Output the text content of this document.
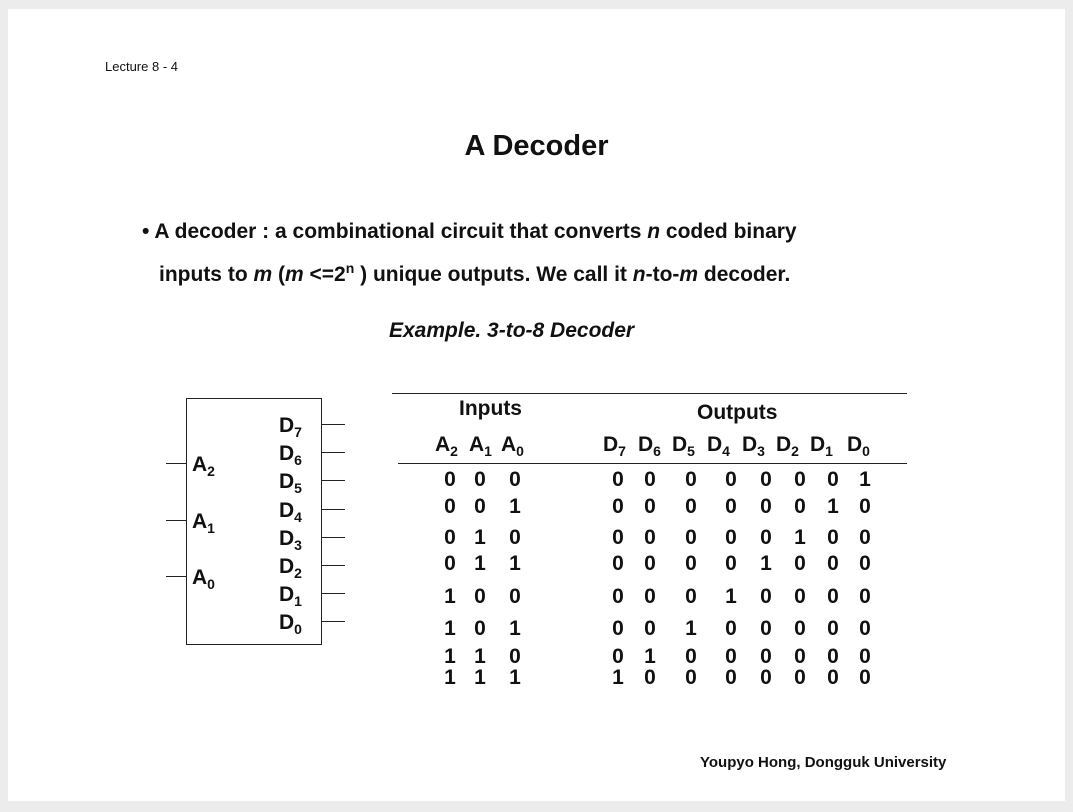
Lecture 8 - 4
A Decoder
• A decoder : a combinational circuit that converts n coded binary
inputs to m ($m <=2^n$ ) unique outputs. We call it n-to-m decoder.
Example. 3-to-8 Decoder
$A_2$
$A_1$
$A_0$
$D_7$
$D_6$
$D_5$
$D_4$
$D_3$
$D_2$
$D_1$
$D_0$
Inputs	Outputs
$A_2$ $A_1$ $A_0$	$D_7$ $D_6$ $D_5$ $D_4$ $D_3$ $D_2$ $D_1$ $D_0$
0 0 0	0 0 0 0 0 0 0 1
0 0 1	0 0 0 0 0 0 1 0
0 1 0	0 0 0 0 0 1 0 0
0 1 1	0 0 0 0 1 0 0 0
1 0 0	0 0 0 1 0 0 0 0
1 0 1	0 0 1 0 0 0 0 0
1 1 0	0 1 0 0 0 0 0 0
1 1 1	1 0 0 0 0 0 0 0
Youpyo Hong, Dongguk University
